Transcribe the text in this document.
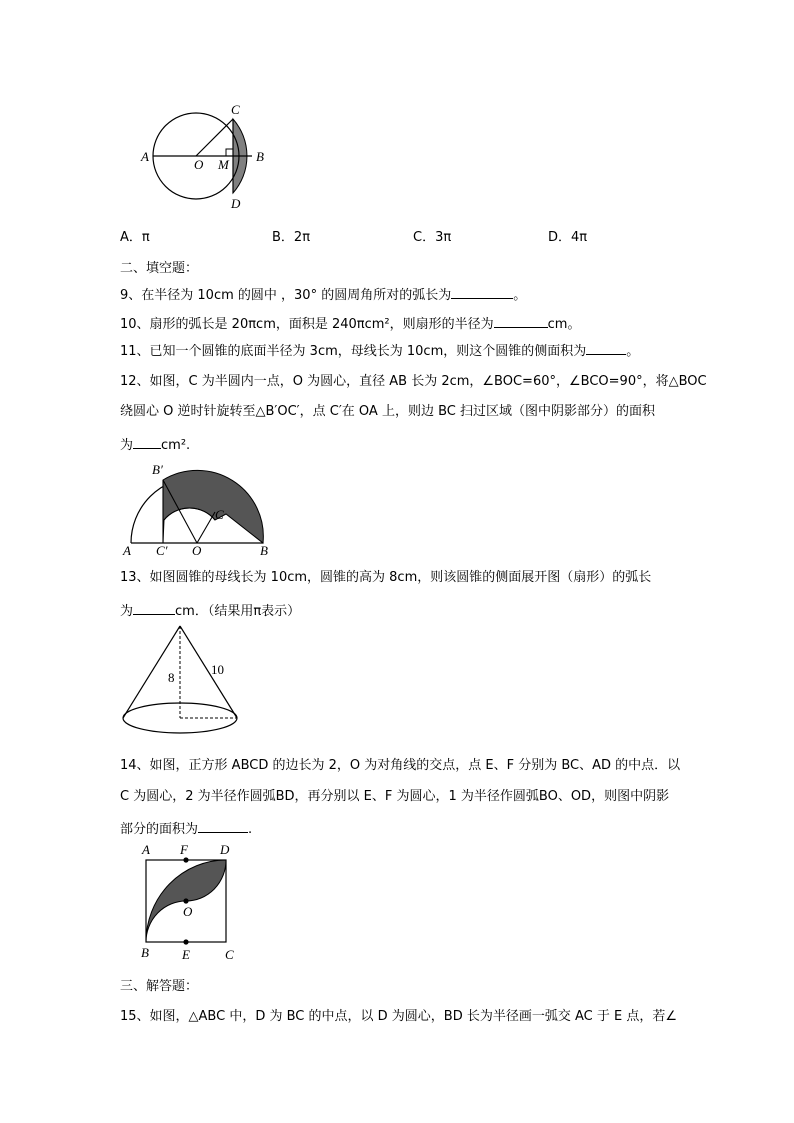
A
O M
B
C
D
A．π	B．2π	C．3π	D．4π
二、填空题：
9、在半径为 10cm 的圆中 ，30° 的圆周角所对的弧长为	。
10、扇形的弧长是 20πcm，面积是 240πcm²，则扇形的半径为	cm。
11、已知一个圆锥的底面半径为 3cm，母线长为 10cm，则这个圆锥的侧面积为	。
12、如图，C 为半圆内一点，O 为圆心，直径 AB 长为 2cm，∠BOC=60°，∠BCO=90°，将△BOC
绕圆心 O 逆时针旋转至△B′OC′，点 C′在 OA 上，则边 BC 扫过区域（图中阴影部分）的面积
为 cm².
B′
A C′ O
C
B
13、如图圆锥的母线长为 10cm，圆锥的高为 8cm，则该圆锥的侧面展开图（扇形）的弧长
为	cm．（结果用π表示）
8
10
14、如图，正方形 ABCD 的边长为 2，O 为对角线的交点，点 E、F 分别为 BC、AD 的中点．以
C 为圆心，2 为半径作圆弧BD，再分别以 E、F 为圆心，1 为半径作圆弧BO、OD，则图中阴影
部分的面积为	.
A F D
O
B	E	C
三、解答题：
15、如图，△ABC 中，D 为 BC 的中点，以 D 为圆心，BD 长为半径画一弧交 AC 于 E 点，若∠
